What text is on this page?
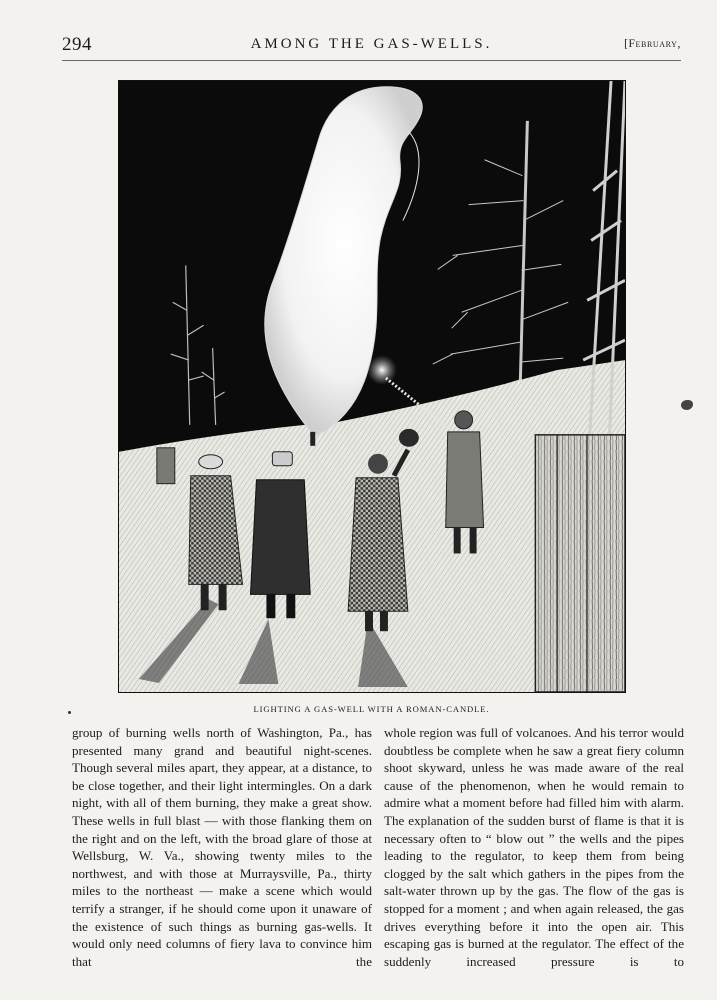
294	AMONG THE GAS-WELLS.	[February,
LIGHTING A GAS-WELL WITH A ROMAN-CANDLE.

group of burning wells north of Washington, Pa., has presented many grand and beautiful night-scenes. Though several miles apart, they appear, at a distance, to be close together, and their light intermingles. On a dark night, with all of them burning, they make a great show. These wells in full blast — with those flanking them on the right and on the left, with the broad glare of those at Wellsburg, W. Va., showing twenty miles to the northwest, and with those at Murraysville, Pa., thirty miles to the northeast — make a scene which would terrify a stranger, if he should come upon it unaware of the existence of such things as burning gas-wells. It would only need columns of fiery lava to convince him that the

whole region was full of volcanoes. And his terror would doubtless be complete when he saw a great fiery column shoot skyward, unless he was made aware of the real cause of the phenomenon, when he would remain to admire what a moment before had filled him with alarm. The explanation of the sudden burst of flame is that it is necessary often to “ blow out ” the wells and the pipes leading to the regulator, to keep them from being clogged by the salt which gathers in the pipes from the salt-water thrown up by the gas. The flow of the gas is stopped for a moment ; and when again released, the gas drives everything before it into the open air. This escaping gas is burned at the regulator. The effect of the suddenly increased pressure is to
